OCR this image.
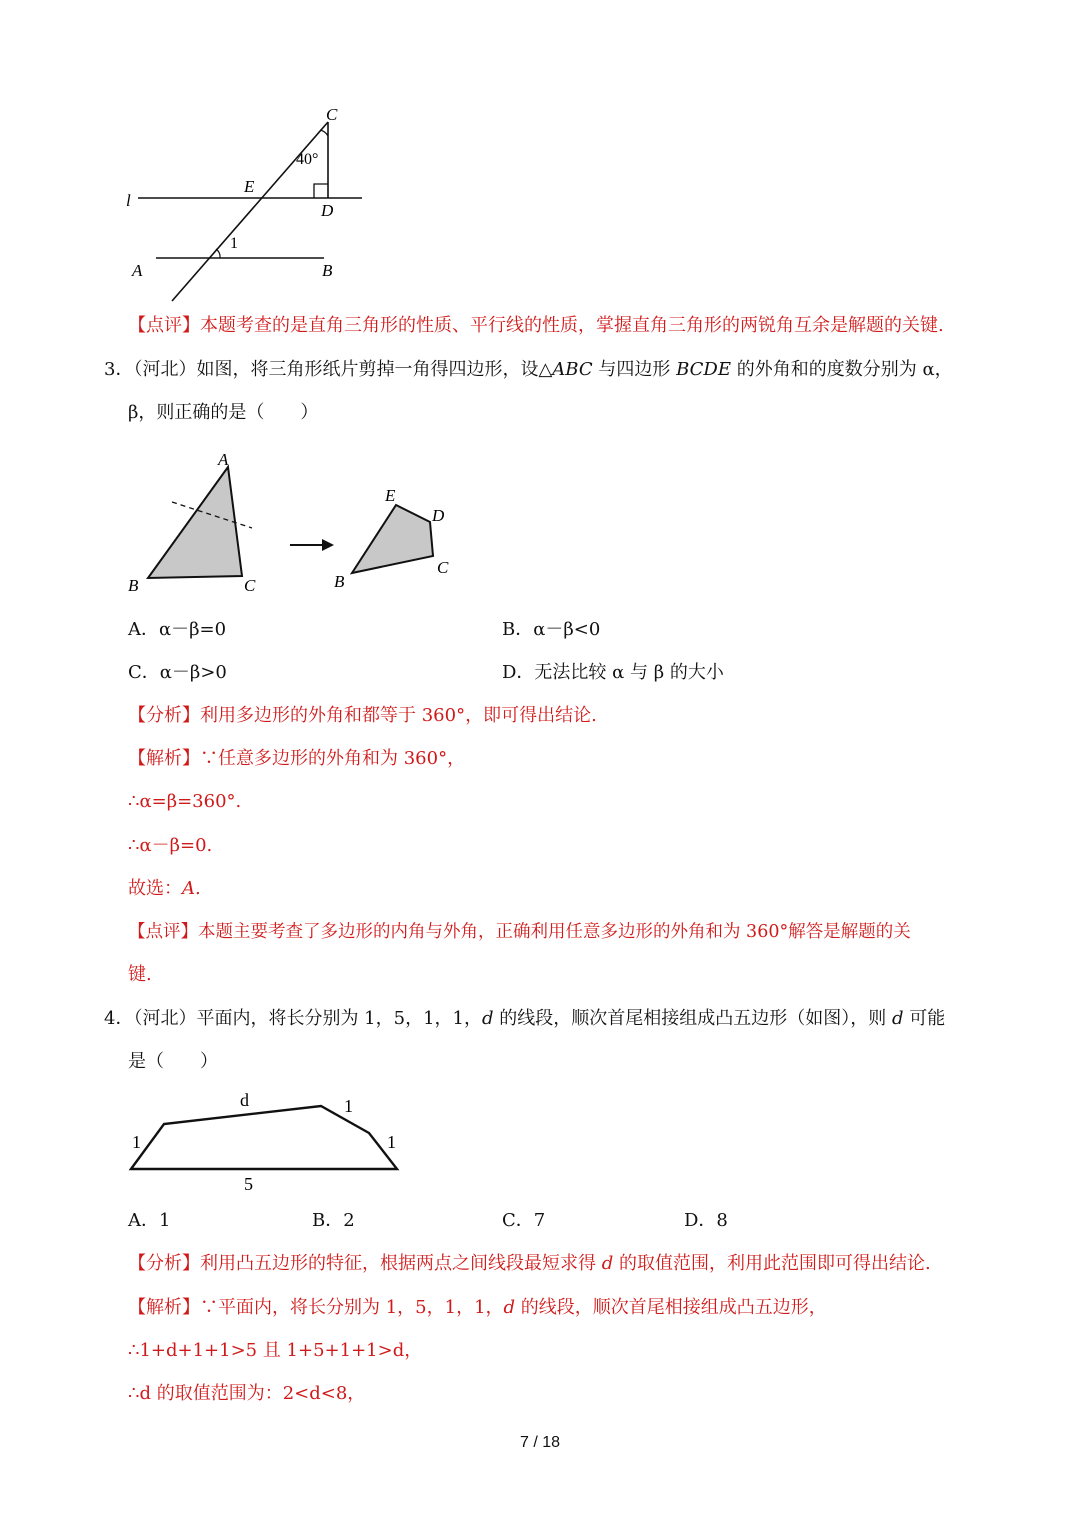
C
40°
E
l
D
1
A	B
【点评】本题考查的是直角三角形的性质、平行线的性质，掌握直角三角形的两锐角互余是解题的关键.
3．（河北）如图，将三角形纸片剪掉一角得四边形，设△ABC 与四边形 BCDE 的外角和的度数分别为 α，
β，则正确的是（　　）
A
B	C
E
D
B
C
A．α－β=0	B．α－β<0
C．α－β>0	D．无法比较 α 与 β 的大小
【分析】利用多边形的外角和都等于 360°，即可得出结论.
【解析】∵任意多边形的外角和为 360°，
∴α=β=360°.
∴α－β=0.
故选：A.
【点评】本题主要考查了多边形的内角与外角，正确利用任意多边形的外角和为 360°解答是解题的关
键.
4．（河北）平面内，将长分别为 1，5，1，1，d 的线段，顺次首尾相接组成凸五边形（如图），则 d 可能
是（　　）
d	1
1	1
5
A．1	B．2	C．7	D．8
【分析】利用凸五边形的特征，根据两点之间线段最短求得 d 的取值范围，利用此范围即可得出结论.
【解析】∵平面内，将长分别为 1，5，1，1，d 的线段，顺次首尾相接组成凸五边形，
∴1+d+1+1>5 且 1+5+1+1>d，
∴d 的取值范围为：2<d<8，
7 / 18
